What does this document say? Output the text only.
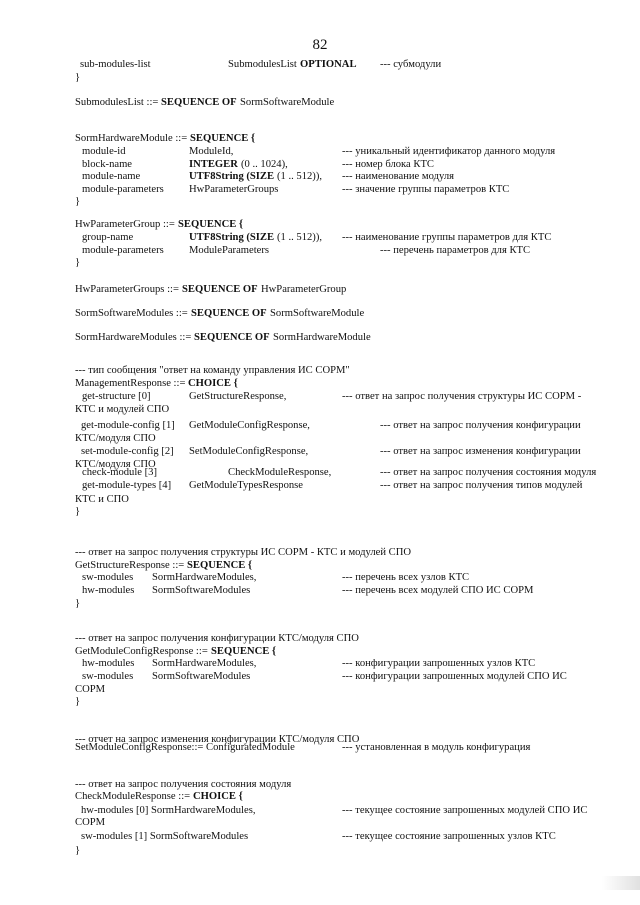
82
sub-modules-list	SubmodulesList OPTIONAL --- субмодули
}
SubmodulesList ::= SEQUENCE OF SormSoftwareModule
SormHardwareModule ::= SEQUENCE {
module-id	ModuleId,	--- уникальный идентификатор данного модуля
block-name	INTEGER (0 .. 1024),	--- номер блока КТС
module-name	UTF8String (SIZE (1 .. 512)), --- наименование модуля
module-parameters HwParameterGroups	--- значение группы параметров КТС
}
HwParameterGroup ::= SEQUENCE {
group-name	UTF8String (SIZE (1 .. 512)), --- наименование группы параметров для КТС
module-parameters ModuleParameters	--- перечень параметров для КТС
}
HwParameterGroups ::= SEQUENCE OF HwParameterGroup
SormSoftwareModules ::= SEQUENCE OF SormSoftwareModule
SormHardwareModules ::= SEQUENCE OF SormHardwareModule
--- тип сообщения "ответ на команду управления ИС СОРМ"
ManagementResponse ::= CHOICE {
get-structure [0]	GetStructureResponse,	--- ответ на запрос получения структуры ИС СОРМ -
КТС и модулей СПО
get-module-config [1] GetModuleConfigResponse,	--- ответ на запрос получения конфигурации
КТС/модуля СПО
set-module-config [2] SetModuleConfigResponse,	--- ответ на запрос изменения конфигурации
КТС/модуля СПО
check-module [3]	CheckModuleResponse,	--- ответ на запрос получения состояния модуля
get-module-types [4] GetModuleTypesResponse	--- ответ на запрос получения типов модулей
КТС и СПО
}
--- ответ на запрос получения структуры ИС СОРМ - КТС и модулей СПО
GetStructureResponse ::= SEQUENCE {
sw-modules SormHardwareModules,	--- перечень всех узлов КТС
hw-modules SormSoftwareModules	--- перечень всех модулей СПО ИС СОРМ
}
--- ответ на запрос получения конфигурации КТС/модуля СПО
GetModuleConfigResponse ::= SEQUENCE {
hw-modules SormHardwareModules,	--- конфигурации запрошенных узлов КТС
sw-modules SormSoftwareModules	--- конфигурации запрошенных модулей СПО ИС
СОРМ
}
--- отчет на запрос изменения конфигурации КТС/модуля СПО
SetModuleConfigResponse::= ConfiguratedModule	--- установленная в модуль конфигурация
--- ответ на запрос получения состояния модуля
CheckModuleResponse ::= CHOICE {
hw-modules [0] SormHardwareModules,	--- текущее состояние запрошенных модулей СПО ИС
СОРМ
sw-modules [1] SormSoftwareModules	--- текущее состояние запрошенных узлов КТС
}
